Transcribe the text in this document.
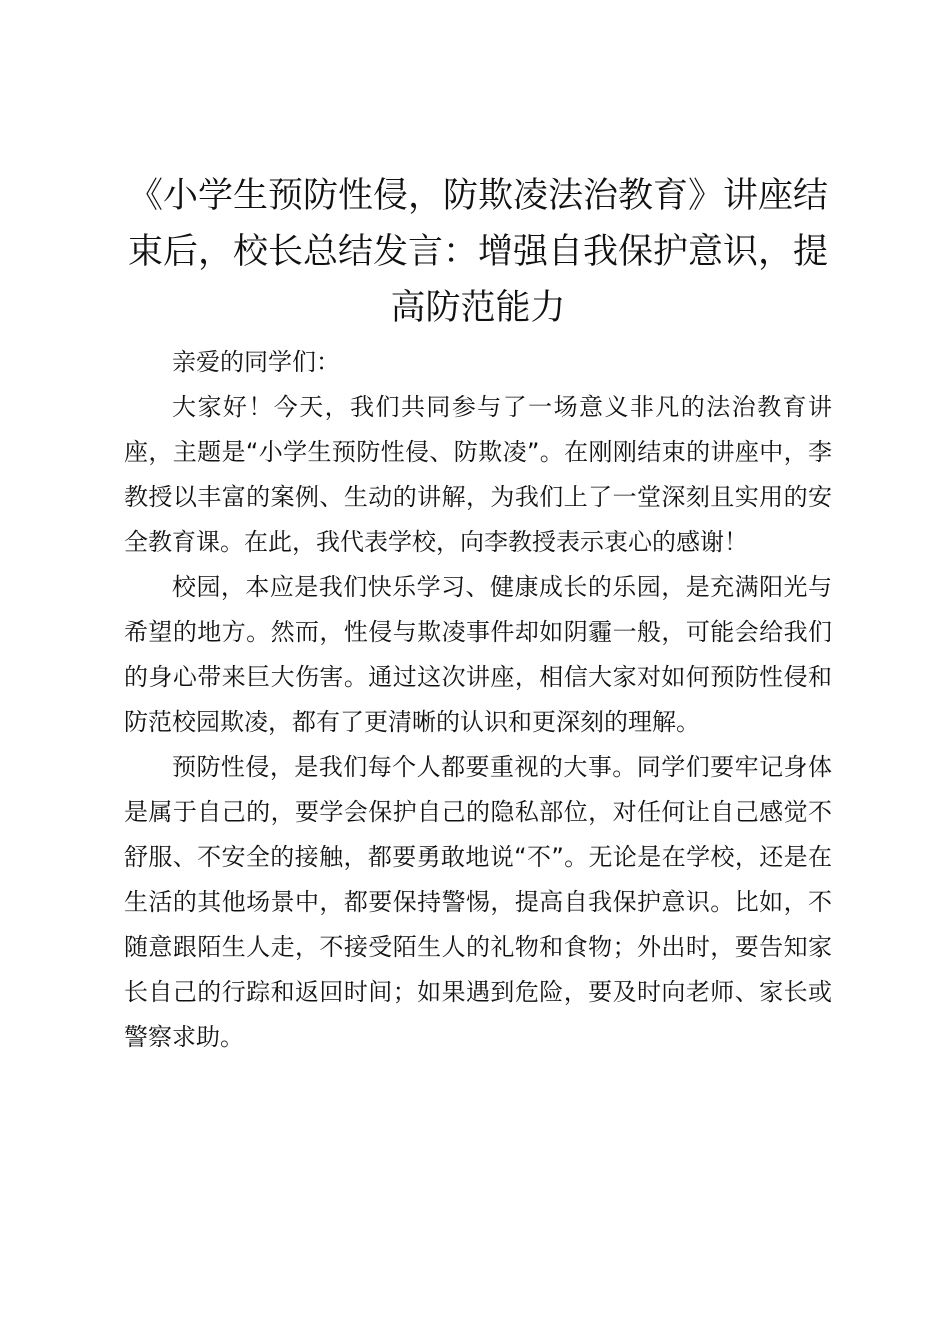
《小学生预防性侵，防欺凌法治教育》讲座结束后，校长总结发言：增强自我保护意识，提高防范能力

亲爱的同学们：

大家好！今天，我们共同参与了一场意义非凡的法治教育讲座，主题是“小学生预防性侵、防欺凌”。在刚刚结束的讲座中，李教授以丰富的案例、生动的讲解，为我们上了一堂深刻且实用的安全教育课。在此，我代表学校，向李教授表示衷心的感谢！

校园，本应是我们快乐学习、健康成长的乐园，是充满阳光与希望的地方。然而，性侵与欺凌事件却如阴霾一般，可能会给我们的身心带来巨大伤害。通过这次讲座，相信大家对如何预防性侵和防范校园欺凌，都有了更清晰的认识和更深刻的理解。

预防性侵，是我们每个人都要重视的大事。同学们要牢记身体是属于自己的，要学会保护自己的隐私部位，对任何让自己感觉不舒服、不安全的接触，都要勇敢地说“不”。无论是在学校，还是在生活的其他场景中，都要保持警惕，提高自我保护意识。比如，不随意跟陌生人走，不接受陌生人的礼物和食物；外出时，要告知家长自己的行踪和返回时间；如果遇到危险，要及时向老师、家长或警察求助。
